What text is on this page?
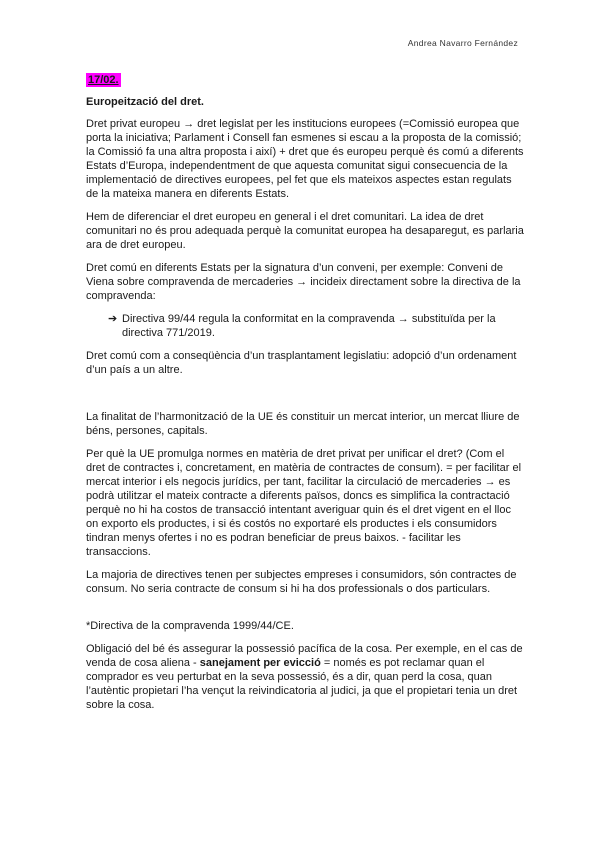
Andrea Navarro Fernández
17/02.
Europeització del dret.

Dret privat europeu → dret legislat per les institucions europees (=Comissió europea que porta la iniciativa; Parlament i Consell fan esmenes si escau a la proposta de la comissió; la Comissió fa una altra proposta i així) + dret que és europeu perquè és comú a diferents Estats d’Europa, independentment de que aquesta comunitat sigui consecuencia de la implementació de directives europees, pel fet que els mateixos aspectes estan regulats de la mateixa manera en diferents Estats.

Hem de diferenciar el dret europeu en general i el dret comunitari. La idea de dret comunitari no és prou adequada perquè la comunitat europea ha desaparegut, es parlaria ara de dret europeu.

Dret comú en diferents Estats per la signatura d’un conveni, per exemple: Conveni de Viena sobre compravenda de mercaderies → incideix directament sobre la directiva de la compravenda:

➔ Directiva 99/44 regula la conformitat en la compravenda → substituïda per la directiva 771/2019.

Dret comú com a conseqüència d’un trasplantament legislatiu: adopció d’un ordenament d’un país a un altre.

La finalitat de l’harmonització de la UE és constituir un mercat interior, un mercat lliure de béns, persones, capitals.

Per què la UE promulga normes en matèria de dret privat per unificar el dret? (Com el dret de contractes i, concretament, en matèria de contractes de consum). = per facilitar el mercat interior i els negocis jurídics, per tant, facilitar la circulació de mercaderies → es podrà utilitzar el mateix contracte a diferents països, doncs es simplifica la contractació perquè no hi ha costos de transacció intentant averiguar quin és el dret vigent en el lloc on exporto els productes, i si és costós no exportaré els productes i els consumidors tindran menys ofertes i no es podran beneficiar de preus baixos. - facilitar les transaccions.

La majoria de directives tenen per subjectes empreses i consumidors, són contractes de consum. No seria contracte de consum si hi ha dos professionals o dos particulars.

*Directiva de la compravenda 1999/44/CE.

Obligació del bé és assegurar la possessió pacífica de la cosa. Per exemple, en el cas de venda de cosa aliena - sanejament per evicció = només es pot reclamar quan el comprador es veu perturbat en la seva possessió, és a dir, quan perd la cosa, quan l’autèntic propietari l’ha vençut la reivindicatoria al judici, ja que el propietari tenia un dret sobre la cosa.
